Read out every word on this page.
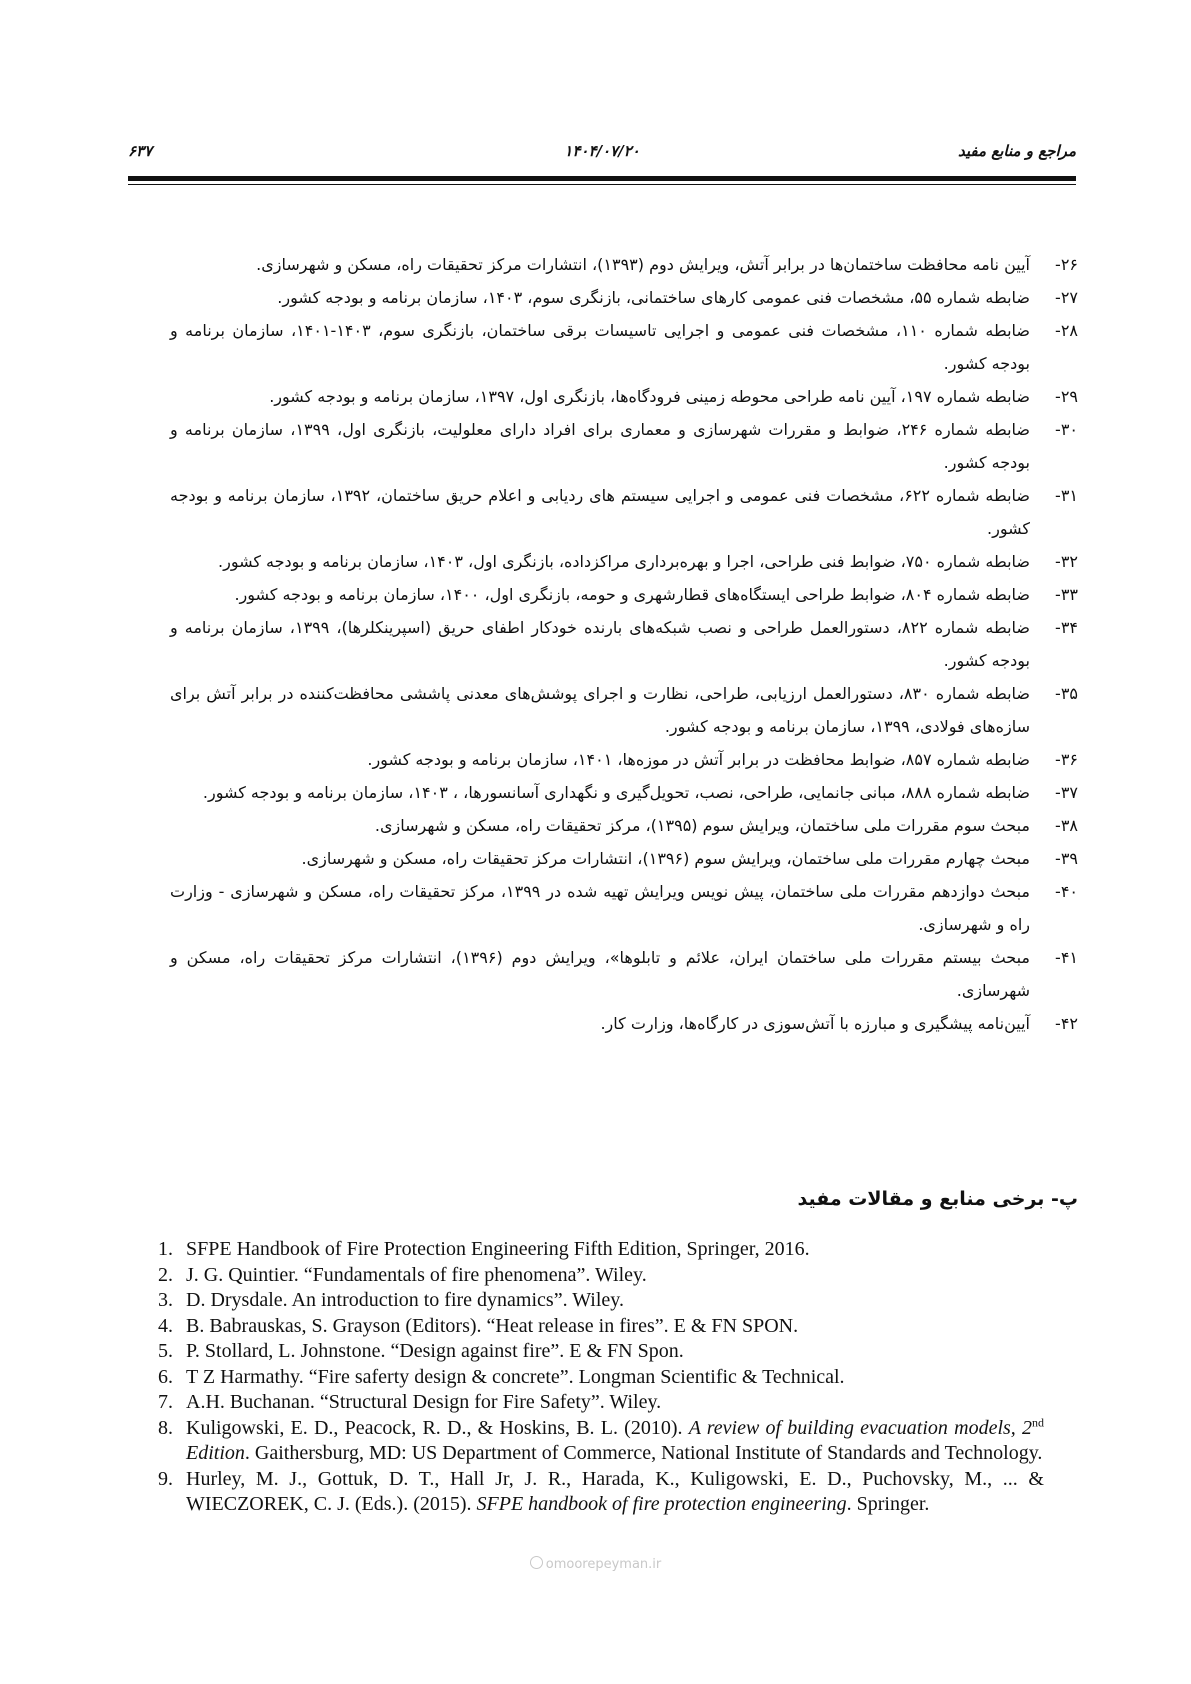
۶۳۷	۱۴۰۴/۰۷/۲۰	مراجع و منابع مفید
۲۶-
آیین نامه محافظت ساختمان‌ها در برابر آتش، ویرایش دوم (۱۳۹۳)، انتشارات مرکز تحقیقات راه، مسکن و شهرسازی.
۲۷-
ضابطه شماره ۵۵، مشخصات فنی عمومی کارهای ساختمانی، بازنگری سوم، ۱۴۰۳، سازمان برنامه و بودجه کشور.
۲۸-
ضابطه شماره ۱۱۰، مشخصات فنی عمومی و اجرایی تاسیسات برقی ساختمان، بازنگری سوم، ۱۴۰۳-۱۴۰۱، سازمان برنامه و بودجه کشور.
۲۹-
ضابطه شماره ۱۹۷، آیین نامه طراحی محوطه زمینی فرودگاه‌ها، بازنگری اول، ۱۳۹۷، سازمان برنامه و بودجه کشور.
۳۰-
ضابطه شماره ۲۴۶، ضوابط و مقررات شهرسازی و معماری برای افراد دارای معلولیت، بازنگری اول، ۱۳۹۹، سازمان برنامه و بودجه کشور.
۳۱-
ضابطه شماره ۶۲۲، مشخصات فنی عمومی و اجرایی سیستم های ردیابی و اعلام حریق ساختمان، ۱۳۹۲، سازمان برنامه و بودجه کشور.
۳۲-
ضابطه شماره ۷۵۰، ضوابط فنی طراحی، اجرا و بهره‌برداری مراکزداده، بازنگری اول، ۱۴۰۳، سازمان برنامه و بودجه کشور.
۳۳-
ضابطه شماره ۸۰۴، ضوابط طراحی ایستگاه‌های قطارشهری و حومه، بازنگری اول، ۱۴۰۰، سازمان برنامه و بودجه کشور.
۳۴-
ضابطه شماره ۸۲۲، دستورالعمل طراحی و نصب شبکه‌های بارنده خودکار اطفای حریق (اسپرینکلرها)، ۱۳۹۹، سازمان برنامه و بودجه کشور.
۳۵-
ضابطه شماره ۸۳۰، دستورالعمل ارزیابی، طراحی، نظارت و اجرای پوشش‌های معدنی پاششی محافظت‌کننده در برابر آتش برای سازه‌های فولادی، ۱۳۹۹، سازمان برنامه و بودجه کشور.
۳۶-
ضابطه شماره ۸۵۷، ضوابط محافظت در برابر آتش در موزه‌ها، ۱۴۰۱، سازمان برنامه و بودجه کشور.
۳۷-
ضابطه شماره ۸۸۸، مبانی جانمایی، طراحی، نصب، تحویل‌گیری و نگهداری آسانسورها، ، ۱۴۰۳، سازمان برنامه و بودجه کشور.
۳۸-
مبحث سوم مقررات ملی ساختمان، ویرایش سوم (۱۳۹۵)، مرکز تحقیقات راه، مسکن و شهرسازی.
۳۹-
مبحث چهارم مقررات ملی ساختمان، ویرایش سوم (۱۳۹۶)، انتشارات مرکز تحقیقات راه، مسکن و شهرسازی.
۴۰-
مبحث دوازدهم مقررات ملی ساختمان، پیش نویس ویرایش تهیه شده در ۱۳۹۹، مرکز تحقیقات راه، مسکن و شهرسازی - وزارت راه و شهرسازی.
۴۱-
مبحث بیستم مقررات ملی ساختمان ایران، علائم و تابلوها»، ویرایش دوم (۱۳۹۶)، انتشارات مرکز تحقیقات راه، مسکن و شهرسازی.
۴۲-
آیین‌نامه پیشگیری و مبارزه با آتش‌سوزی در کارگاه‌ها، وزارت کار.
پ- برخی منابع و مقالات مفید
1. SFPE Handbook of Fire Protection Engineering Fifth Edition, Springer, 2016.
2. J. G. Quintier. “Fundamentals of fire phenomena”. Wiley.
3. D. Drysdale. An introduction to fire dynamics”. Wiley.
4. B. Babrauskas, S. Grayson (Editors). “Heat release in fires”. E & FN SPON.
5. P. Stollard, L. Johnstone. “Design against fire”. E & FN Spon.
6. T Z Harmathy. “Fire saferty design & concrete”. Longman Scientific & Technical.
7. A.H. Buchanan. “Structural Design for Fire Safety”. Wiley.
8. Kuligowski, E. D., Peacock, R. D., & Hoskins, B. L. (2010). A review of building evacuation models, 2nd Edition. Gaithersburg, MD: US Department of Commerce, National Institute of Standards and Technology.
9. Hurley, M. J., Gottuk, D. T., Hall Jr, J. R., Harada, K., Kuligowski, E. D., Puchovsky, M., ... & WIECZOREK, C. J. (Eds.). (2015). SFPE handbook of fire protection engineering. Springer.
omoorepeyman.ir
